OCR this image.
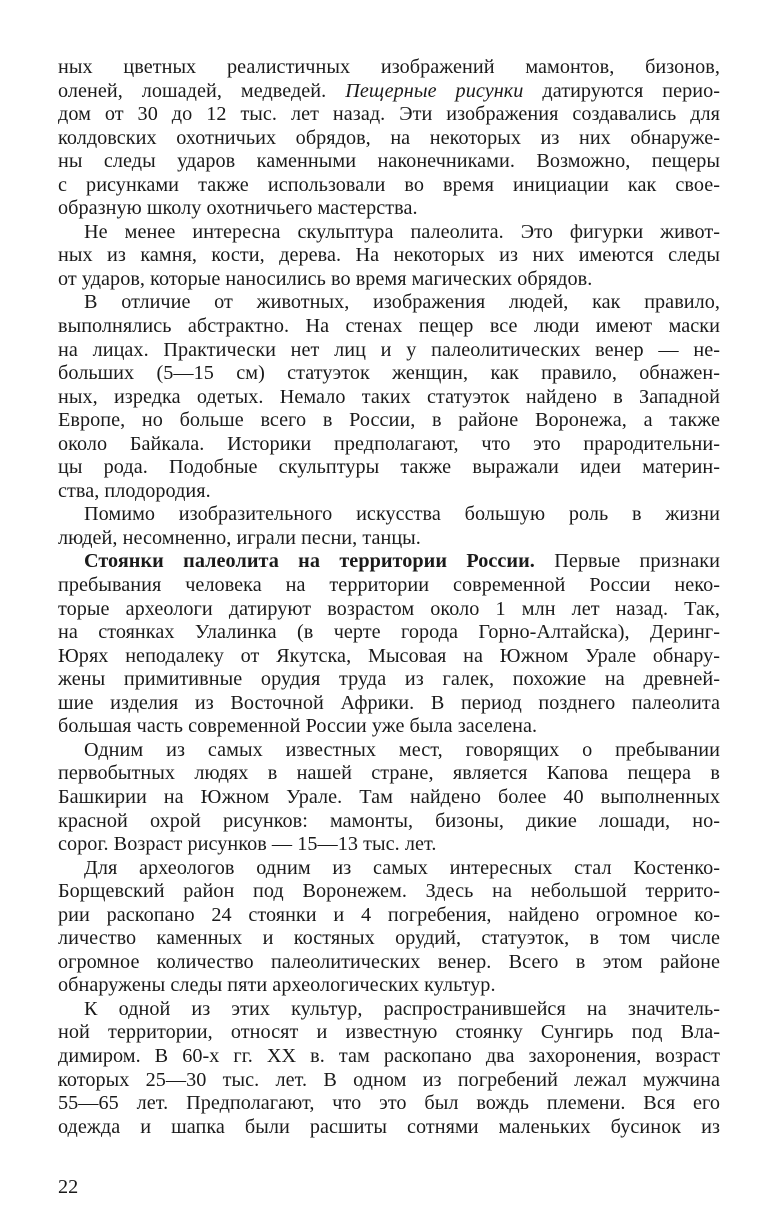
ных цветных реалистичных изображений мамонтов, бизонов,
оленей, лошадей, медведей. Пещерные рисунки датируются перио-
дом от 30 до 12 тыс. лет назад. Эти изображения создавались для
колдовских охотничьих обрядов, на некоторых из них обнаруже-
ны следы ударов каменными наконечниками. Возможно, пещеры
с рисунками также использовали во время инициации как свое-
образную школу охотничьего мастерства.
Не менее интересна скульптура палеолита. Это фигурки живот-
ных из камня, кости, дерева. На некоторых из них имеются следы
от ударов, которые наносились во время магических обрядов.
В отличие от животных, изображения людей, как правило,
выполнялись абстрактно. На стенах пещер все люди имеют маски
на лицах. Практически нет лиц и у палеолитических венер — не-
больших (5—15 см) статуэток женщин, как правило, обнажен-
ных, изредка одетых. Немало таких статуэток найдено в Западной
Европе, но больше всего в России, в районе Воронежа, а также
около Байкала. Историки предполагают, что это прародительни-
цы рода. Подобные скульптуры также выражали идеи материн-
ства, плодородия.
Помимо изобразительного искусства большую роль в жизни
людей, несомненно, играли песни, танцы.
Стоянки палеолита на территории России. Первые признаки
пребывания человека на территории современной России неко-
торые археологи датируют возрастом около 1 млн лет назад. Так,
на стоянках Улалинка (в черте города Горно-Алтайска), Деринг-
Юрях неподалеку от Якутска, Мысовая на Южном Урале обнару-
жены примитивные орудия труда из галек, похожие на древней-
шие изделия из Восточной Африки. В период позднего палеолита
большая часть современной России уже была заселена.
Одним из самых известных мест, говорящих о пребывании
первобытных людях в нашей стране, является Капова пещера в
Башкирии на Южном Урале. Там найдено более 40 выполненных
красной охрой рисунков: мамонты, бизоны, дикие лошади, но-
сорог. Возраст рисунков — 15—13 тыс. лет.
Для археологов одним из самых интересных стал Костенко-
Борщевский район под Воронежем. Здесь на небольшой террито-
рии раскопано 24 стоянки и 4 погребения, найдено огромное ко-
личество каменных и костяных орудий, статуэток, в том числе
огромное количество палеолитических венер. Всего в этом районе
обнаружены следы пяти археологических культур.
К одной из этих культур, распространившейся на значитель-
ной территории, относят и известную стоянку Сунгирь под Вла-
димиром. В 60-х гг. XX в. там раскопано два захоронения, возраст
которых 25—30 тыс. лет. В одном из погребений лежал мужчина
55—65 лет. Предполагают, что это был вождь племени. Вся его
одежда и шапка были расшиты сотнями маленьких бусинок из
22
